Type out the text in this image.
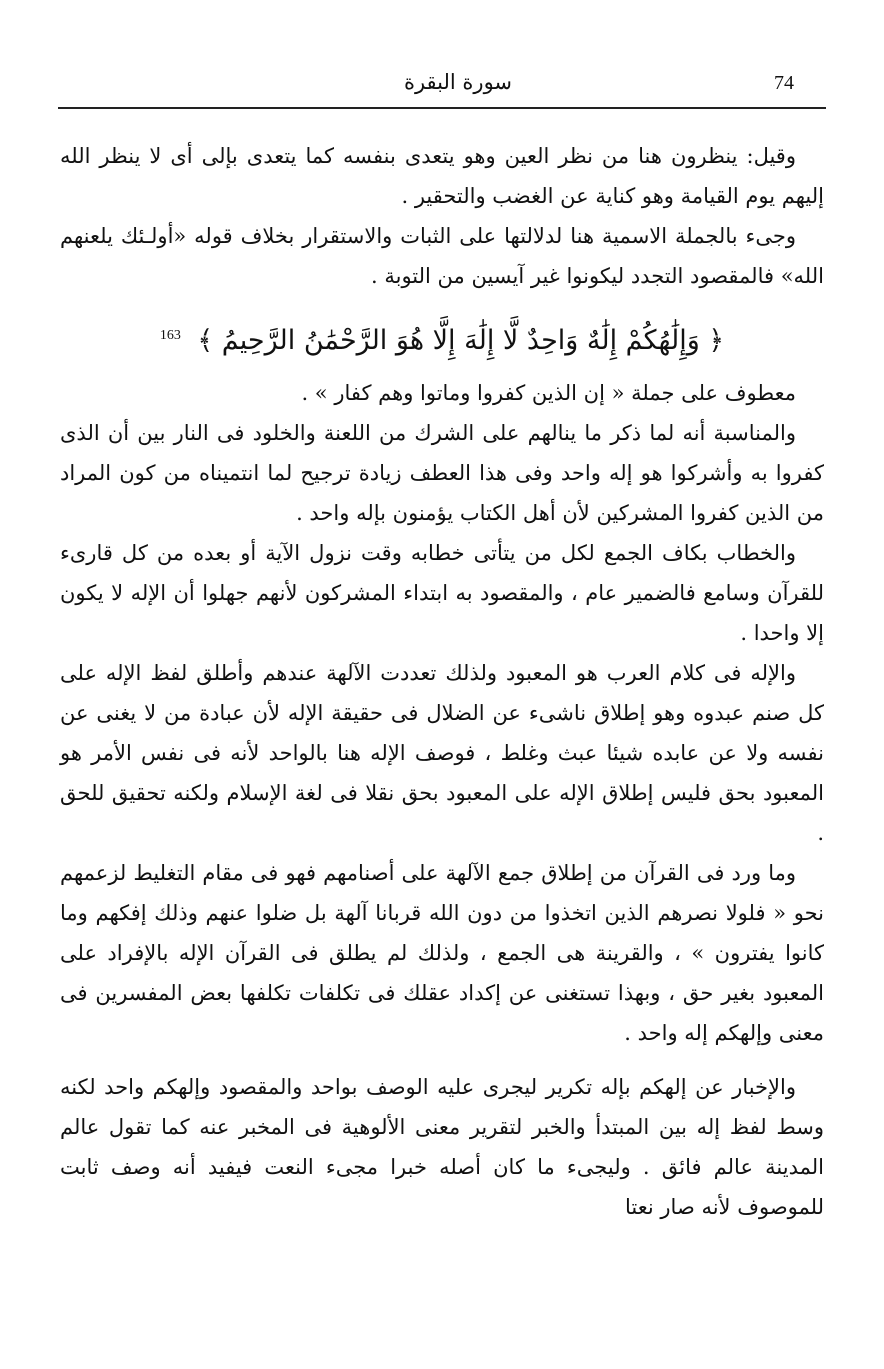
74
سورة البقرة

وقيل: ينظرون هنا من نظر العين وهو يتعدى بنفسه كما يتعدى بإلى أى لا ينظر الله إليهم يوم القيامة وهو كناية عن الغضب والتحقير .

وجىء بالجملة الاسمية هنا لدلالتها على الثبات والاستقرار بخلاف قوله «أولـئك يلعنهم الله» فالمقصود التجدد ليكونوا غير آيسين من التوبة .

﴿ وَإِلَٰهُكُمْ إِلَٰهٌ وَاحِدٌ لَّا إِلَٰهَ إِلَّا هُوَ الرَّحْمَٰنُ الرَّحِيمُ ﴾ $^{163}$

معطوف على جملة « إن الذين كفروا وماتوا وهم كفار » .

والمناسبة أنه لما ذكر ما ينالهم على الشرك من اللعنة والخلود فى النار بين أن الذى كفروا به وأشركوا هو إله واحد وفى هذا العطف زيادة ترجيح لما انتميناه من كون المراد من الذين كفروا المشركين لأن أهل الكتاب يؤمنون بإله واحد .

والخطاب بكاف الجمع لكل من يتأتى خطابه وقت نزول الآية أو بعده من كل قارىء للقرآن وسامع فالضمير عام ، والمقصود به ابتداء المشركون لأنهم جهلوا أن الإله لا يكون إلا واحدا .

والإله فى كلام العرب هو المعبود ولذلك تعددت الآلهة عندهم وأطلق لفظ الإله على كل صنم عبدوه وهو إطلاق ناشىء عن الضلال فى حقيقة الإله لأن عبادة من لا يغنى عن نفسه ولا عن عابده شيئا عبث وغلط ، فوصف الإله هنا بالواحد لأنه فى نفس الأمر هو المعبود بحق فليس إطلاق الإله على المعبود بحق نقلا فى لغة الإسلام ولكنه تحقيق للحق .

وما ورد فى القرآن من إطلاق جمع الآلهة على أصنامهم فهو فى مقام التغليط لزعمهم نحو « فلولا نصرهم الذين اتخذوا من دون الله قربانا آلهة بل ضلوا عنهم وذلك إفكهم وما كانوا يفترون » ، والقرينة هى الجمع ، ولذلك لم يطلق فى القرآن الإله بالإفراد على المعبود بغير حق ، وبهذا تستغنى عن إكداد عقلك فى تكلفات تكلفها بعض المفسرين فى معنى وإلهكم إله واحد .

والإخبار عن إلهكم بإله تكرير ليجرى عليه الوصف بواحد والمقصود وإلهكم واحد لكنه وسط لفظ إله بين المبتدأ والخبر لتقرير معنى الألوهية فى المخبر عنه كما تقول عالم المدينة عالم فائق . وليجىء ما كان أصله خبرا مجىء النعت فيفيد أنه وصف ثابت للموصوف لأنه صار نعتا
